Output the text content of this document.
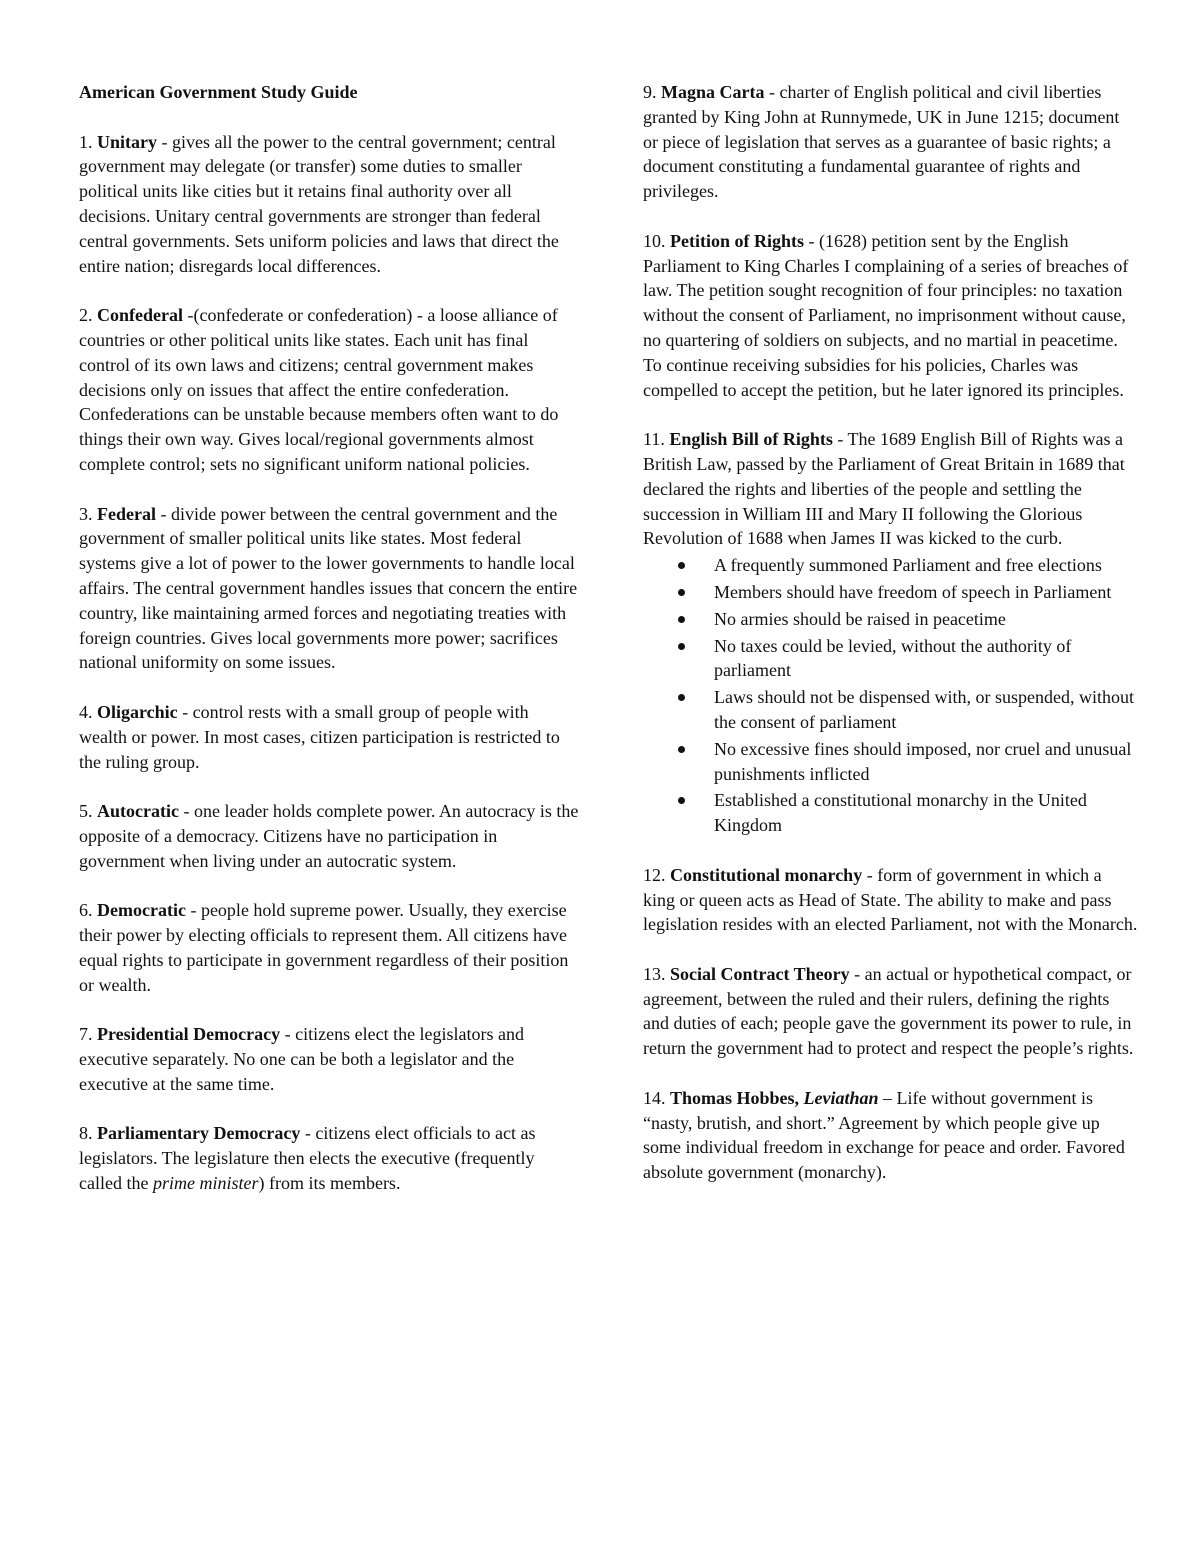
American Government Study Guide

1. Unitary - gives all the power to the central government; central government may delegate (or transfer) some duties to smaller political units like cities but it retains final authority over all decisions. Unitary central governments are stronger than federal central governments. Sets uniform policies and laws that direct the entire nation; disregards local differences.

2. Confederal -(confederate or confederation) - a loose alliance of countries or other political units like states. Each unit has final control of its own laws and citizens; central government makes decisions only on issues that affect the entire confederation. Confederations can be unstable because members often want to do things their own way. Gives local/regional governments almost complete control; sets no significant uniform national policies.

3. Federal - divide power between the central government and the government of smaller political units like states. Most federal systems give a lot of power to the lower governments to handle local affairs. The central government handles issues that concern the entire country, like maintaining armed forces and negotiating treaties with foreign countries. Gives local governments more power; sacrifices national uniformity on some issues.

4. Oligarchic - control rests with a small group of people with wealth or power. In most cases, citizen participation is restricted to the ruling group.

5. Autocratic - one leader holds complete power. An autocracy is the opposite of a democracy. Citizens have no participation in government when living under an autocratic system.

6. Democratic - people hold supreme power. Usually, they exercise their power by electing officials to represent them. All citizens have equal rights to participate in government regardless of their position or wealth.

7. Presidential Democracy - citizens elect the legislators and executive separately. No one can be both a legislator and the executive at the same time.

8. Parliamentary Democracy - citizens elect officials to act as legislators. The legislature then elects the executive (frequently called the prime minister) from its members.

9. Magna Carta - charter of English political and civil liberties granted by King John at Runnymede, UK in June 1215; document or piece of legislation that serves as a guarantee of basic rights; a document constituting a fundamental guarantee of rights and privileges.

10. Petition of Rights - (1628) petition sent by the English Parliament to King Charles I complaining of a series of breaches of law. The petition sought recognition of four principles: no taxation without the consent of Parliament, no imprisonment without cause, no quartering of soldiers on subjects, and no martial in peacetime. To continue receiving subsidies for his policies, Charles was compelled to accept the petition, but he later ignored its principles.

11. English Bill of Rights - The 1689 English Bill of Rights was a British Law, passed by the Parliament of Great Britain in 1689 that declared the rights and liberties of the people and settling the succession in William III and Mary II following the Glorious Revolution of 1688 when James II was kicked to the curb.

A frequently summoned Parliament and free elections
Members should have freedom of speech in Parliament
No armies should be raised in peacetime
No taxes could be levied, without the authority of parliament
Laws should not be dispensed with, or suspended, without the consent of parliament
No excessive fines should imposed, nor cruel and unusual punishments inflicted
Established a constitutional monarchy in the United Kingdom

12. Constitutional monarchy - form of government in which a king or queen acts as Head of State. The ability to make and pass legislation resides with an elected Parliament, not with the Monarch.

13. Social Contract Theory - an actual or hypothetical compact, or agreement, between the ruled and their rulers, defining the rights and duties of each; people gave the government its power to rule, in return the government had to protect and respect the people’s rights.

14. Thomas Hobbes, Leviathan – Life without government is “nasty, brutish, and short.” Agreement by which people give up some individual freedom in exchange for peace and order. Favored absolute government (monarchy).
